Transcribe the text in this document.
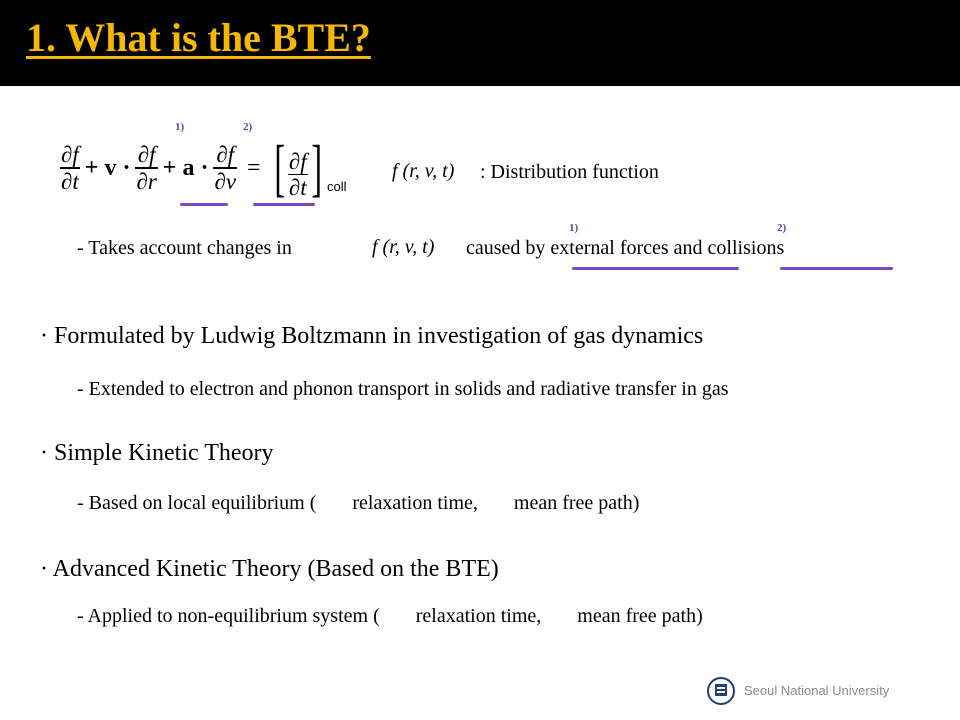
1. What is the BTE?
1)	2)
$\frac{\partial f}{\partial t} + v \cdot \frac{\partial f}{\partial r} + a \cdot \frac{\partial f}{\partial v}$ = [ $\frac{\partial f}{\partial t}$ ] coll
f (r, v, t) : Distribution function
1)	2)
- Takes account changes in	f (r, v, t) caused by external forces and collisions
· Formulated by Ludwig Boltzmann in investigation of gas dynamics
- Extended to electron and phonon transport in solids and radiative transfer in gas
· Simple Kinetic Theory
- Based on local equilibrium ( relaxation time, mean free path)
· Advanced Kinetic Theory (Based on the BTE)
- Applied to non-equilibrium system ( relaxation time, mean free path)
Seoul National University
